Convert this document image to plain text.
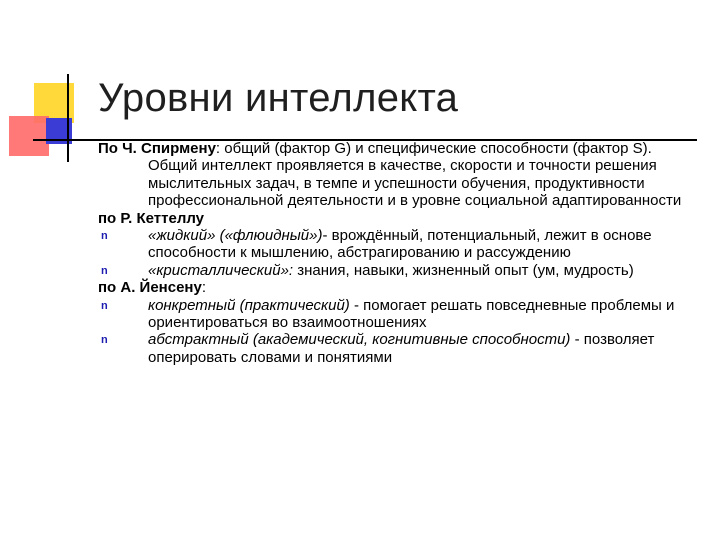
Уровни интеллекта

По Ч. Спирмену: общий (фактор G) и специфические способности (фактор S). Общий интеллект проявляется в качестве, скорости и точности решения мыслительных задач, в темпе и успешности обучения, продуктивности профессиональной деятельности и в уровне социальной адаптированности

по Р. Кеттеллу

n	«жидкий» («флюидный»)- врождённый, потенциальный, лежит в основе способности к мышлению, абстрагированию и рассуждению

n	«кристаллический»: знания, навыки, жизненный опыт (ум, мудрость)

по А. Йенсену:

n	конкретный (практический) - помогает решать повседневные проблемы и ориентироваться во взаимоотношениях

n	абстрактный (академический, когнитивные способности) - позволяет оперировать словами и понятиями
